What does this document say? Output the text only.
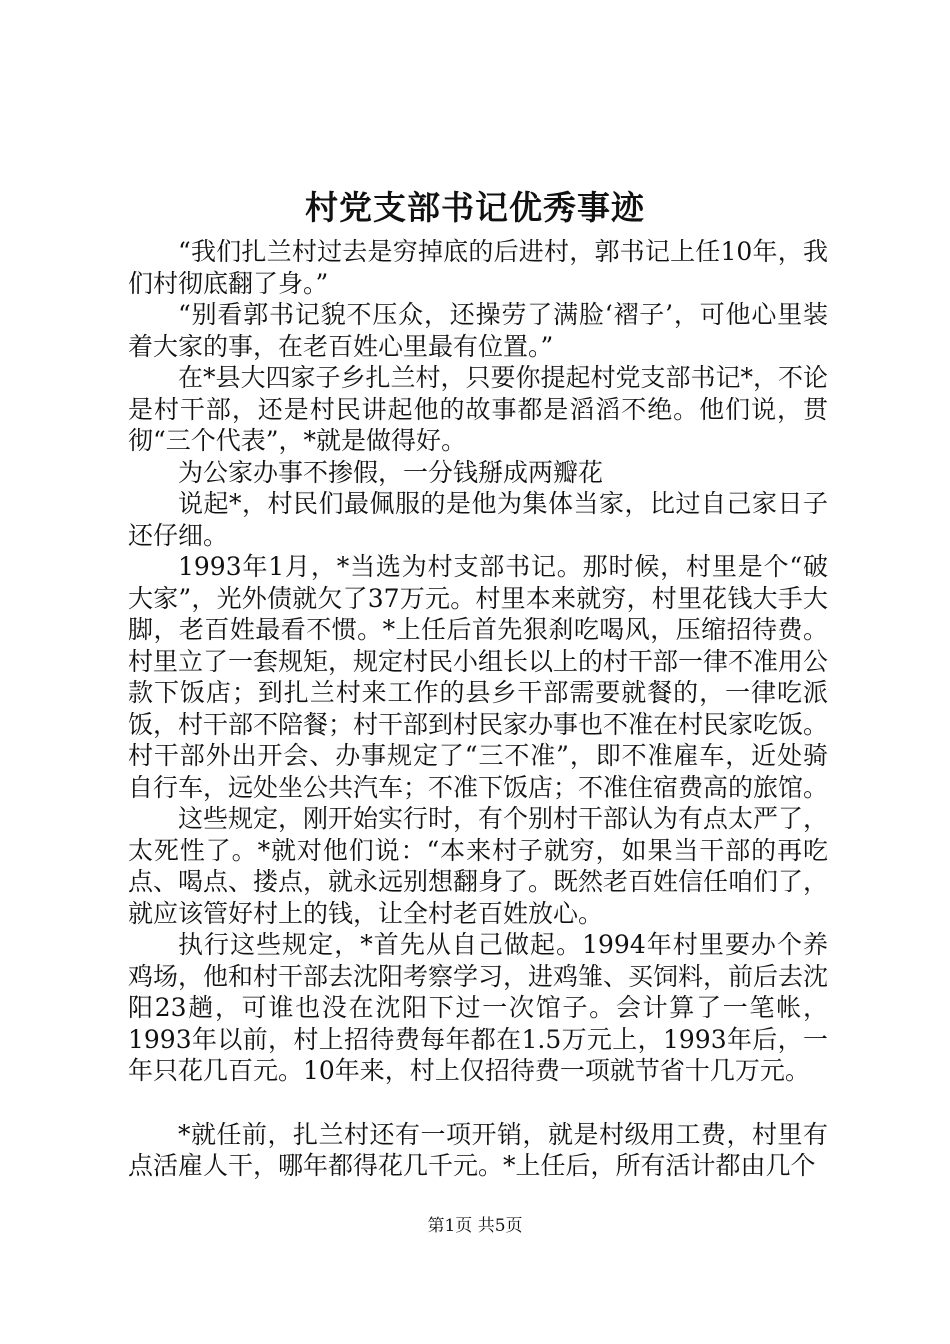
村党支部书记优秀事迹

“我们扎兰村过去是穷掉底的后进村，郭书记上任10年，我们村彻底翻了身。”

“别看郭书记貌不压众，还操劳了满脸‘褶子’，可他心里装着大家的事，在老百姓心里最有位置。”

在*县大四家子乡扎兰村，只要你提起村党支部书记*，不论是村干部，还是村民讲起他的故事都是滔滔不绝。他们说，贯彻“三个代表”，*就是做得好。

为公家办事不掺假，一分钱掰成两瓣花

说起*，村民们最佩服的是他为集体当家，比过自己家日子还仔细。

1993年1月，*当选为村支部书记。那时候，村里是个“破大家”，光外债就欠了37万元。村里本来就穷，村里花钱大手大脚，老百姓最看不惯。*上任后首先狠刹吃喝风，压缩招待费。村里立了一套规矩，规定村民小组长以上的村干部一律不准用公款下饭店；到扎兰村来工作的县乡干部需要就餐的，一律吃派饭，村干部不陪餐；村干部到村民家办事也不准在村民家吃饭。村干部外出开会、办事规定了“三不准”，即不准雇车，近处骑自行车，远处坐公共汽车；不准下饭店；不准住宿费高的旅馆。

这些规定，刚开始实行时，有个别村干部认为有点太严了，太死性了。*就对他们说：“本来村子就穷，如果当干部的再吃点、喝点、搂点，就永远别想翻身了。既然老百姓信任咱们了，就应该管好村上的钱，让全村老百姓放心。

执行这些规定，*首先从自己做起。1994年村里要办个养鸡场，他和村干部去沈阳考察学习，进鸡雏、买饲料，前后去沈阳23趟，可谁也没在沈阳下过一次馆子。会计算了一笔帐，1993年以前，村上招待费每年都在1.5万元上，1993年后，一年只花几百元。10年来，村上仅招待费一项就节省十几万元。

*就任前，扎兰村还有一项开销，就是村级用工费，村里有点活雇人干，哪年都得花几千元。*上任后，所有活计都由几个

第1页 共5页
